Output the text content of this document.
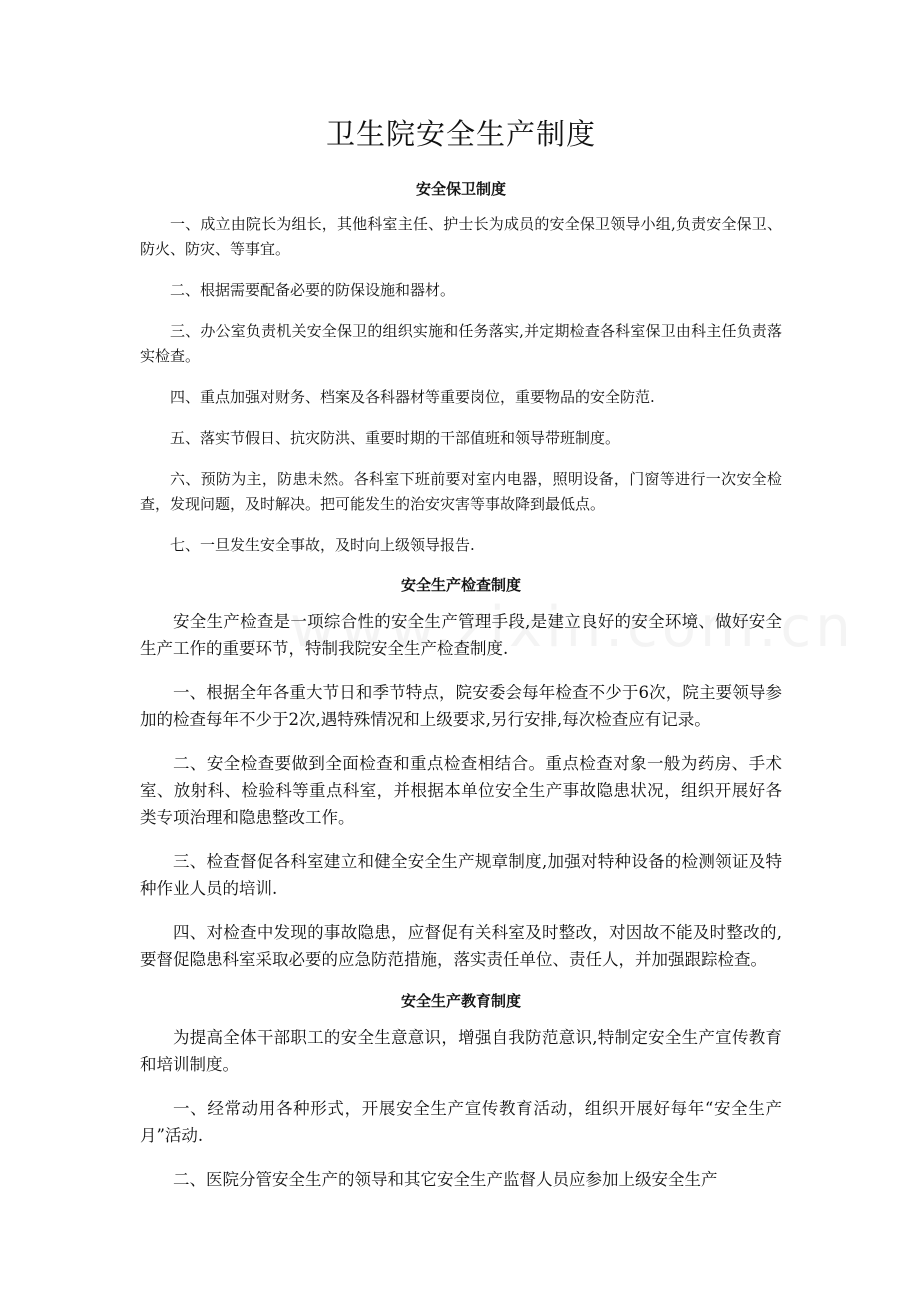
卫生院安全生产制度
安全保卫制度

一、成立由院长为组长，其他科室主任、护士长为成员的安全保卫领导小组,负责安全保卫、防火、防灾、等事宜。

二、根据需要配备必要的防保设施和器材。

三、办公室负责机关安全保卫的组织实施和任务落实,并定期检查各科室保卫由科主任负责落实检查。

四、重点加强对财务、档案及各科器材等重要岗位，重要物品的安全防范.

五、落实节假日、抗灾防洪、重要时期的干部值班和领导带班制度。

六、预防为主，防患未然。各科室下班前要对室内电器，照明设备，门窗等进行一次安全检查，发现问题，及时解决。把可能发生的治安灾害等事故降到最低点。

七、一旦发生安全事故，及时向上级领导报告.

安全生产检查制度

安全生产检查是一项综合性的安全生产管理手段,是建立良好的安全环境、做好安全生产工作的重要环节，特制我院安全生产检查制度.

一、根据全年各重大节日和季节特点，院安委会每年检查不少于6次，院主要领导参加的检查每年不少于2次,遇特殊情况和上级要求,另行安排,每次检查应有记录。

二、安全检查要做到全面检查和重点检查相结合。重点检查对象一般为药房、手术室、放射科、检验科等重点科室，并根据本单位安全生产事故隐患状况，组织开展好各类专项治理和隐患整改工作。

三、检查督促各科室建立和健全安全生产规章制度,加强对特种设备的检测领证及特种作业人员的培训.

四、对检查中发现的事故隐患，应督促有关科室及时整改，对因故不能及时整改的,要督促隐患科室采取必要的应急防范措施，落实责任单位、责任人，并加强跟踪检查。

安全生产教育制度

为提高全体干部职工的安全生意意识，增强自我防范意识,特制定安全生产宣传教育和培训制度。

一、经常动用各种形式，开展安全生产宣传教育活动，组织开展好每年“安全生产月”活动.

二、医院分管安全生产的领导和其它安全生产监督人员应参加上级安全生产
